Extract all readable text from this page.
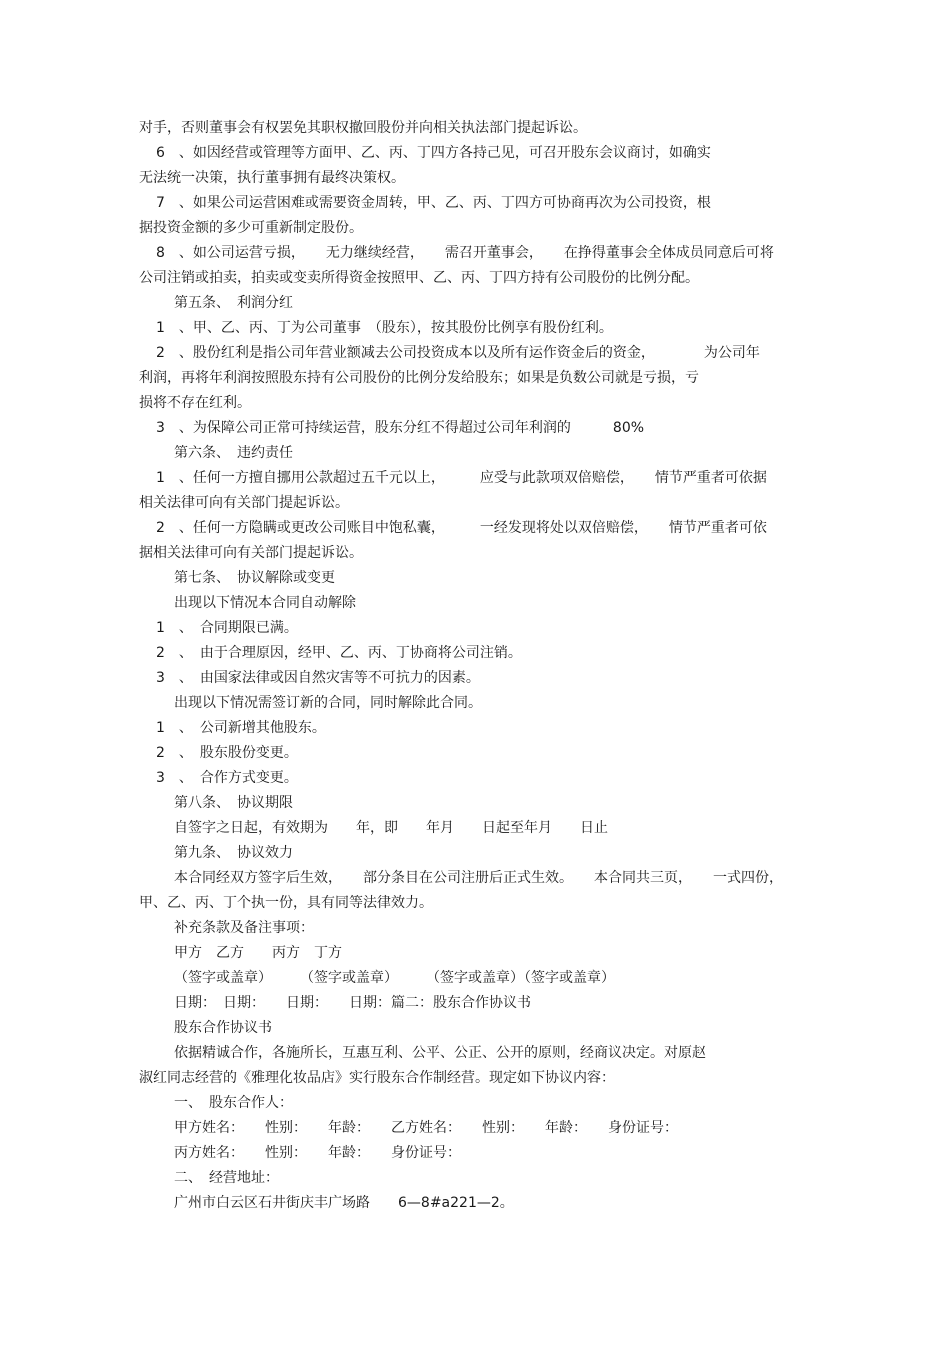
对手，否则董事会有权罢免其职权撤回股份并向相关执法部门提起诉讼。
6　、如因经营或管理等方面甲、乙、丙、丁四方各持己见，可召开股东会议商讨，如确实
无法统一决策，执行董事拥有最终决策权。
7　、如果公司运营困难或需要资金周转，甲、乙、丙、丁四方可协商再次为公司投资，根
据投资金额的多少可重新制定股份。
8　、如公司运营亏损，　　无力继续经营，　　需召开董事会，　　在挣得董事会全体成员同意后可将
公司注销或拍卖，拍卖或变卖所得资金按照甲、乙、丙、丁四方持有公司股份的比例分配。
第五条、　利润分红
1　、甲、乙、丙、丁为公司董事　（股东），按其股份比例享有股份红利。
2　、股份红利是指公司年营业额减去公司投资成本以及所有运作资金后的资金，　　　　为公司年
利润，再将年利润按照股东持有公司股份的比例分发给股东；如果是负数公司就是亏损，亏
损将不存在红利。
3　、为保障公司正常可持续运营，股东分红不得超过公司年利润的　　　80%
第六条、　违约责任
1　、任何一方擅自挪用公款超过五千元以上，　　　应受与此款项双倍赔偿，　　情节严重者可依据
相关法律可向有关部门提起诉讼。
2　、任何一方隐瞒或更改公司账目中饱私囊，　　　一经发现将处以双倍赔偿，　　情节严重者可依
据相关法律可向有关部门提起诉讼。
第七条、　协议解除或变更
出现以下情况本合同自动解除
1　、　合同期限已满。
2　、　由于合理原因，经甲、乙、丙、丁协商将公司注销。
3　、　由国家法律或因自然灾害等不可抗力的因素。
出现以下情况需签订新的合同，同时解除此合同。
1　、　公司新增其他股东。
2　、　股东股份变更。
3　、　合作方式变更。
第八条、　协议期限
自签字之日起，有效期为　　年，即　　年月　　日起至年月　　日止
第九条、　协议效力
本合同经双方签字后生效，　　部分条目在公司注册后正式生效。　　本合同共三页，　　一式四份，
甲、乙、丙、丁个执一份，具有同等法律效力。
补充条款及备注事项：
甲方　乙方　　丙方　丁方
（签字或盖章）　　　（签字或盖章）　　　（签字或盖章）（签字或盖章）
日期：　日期：　　日期：　　日期：篇二：股东合作协议书
股东合作协议书
依据精诚合作，各施所长，互惠互利、公平、公正、公开的原则，经商议决定。对原赵
淑红同志经营的《雅理化妆品店》实行股东合作制经营。现定如下协议内容：
一、　股东合作人：
甲方姓名：　　性别：　　年龄：　　乙方姓名：　　性别：　　年龄：　　身份证号：
丙方姓名：　　性别：　　年龄：　　身份证号：
二、　经营地址：
广州市白云区石井街庆丰广场路　　6—8#a221—2。
